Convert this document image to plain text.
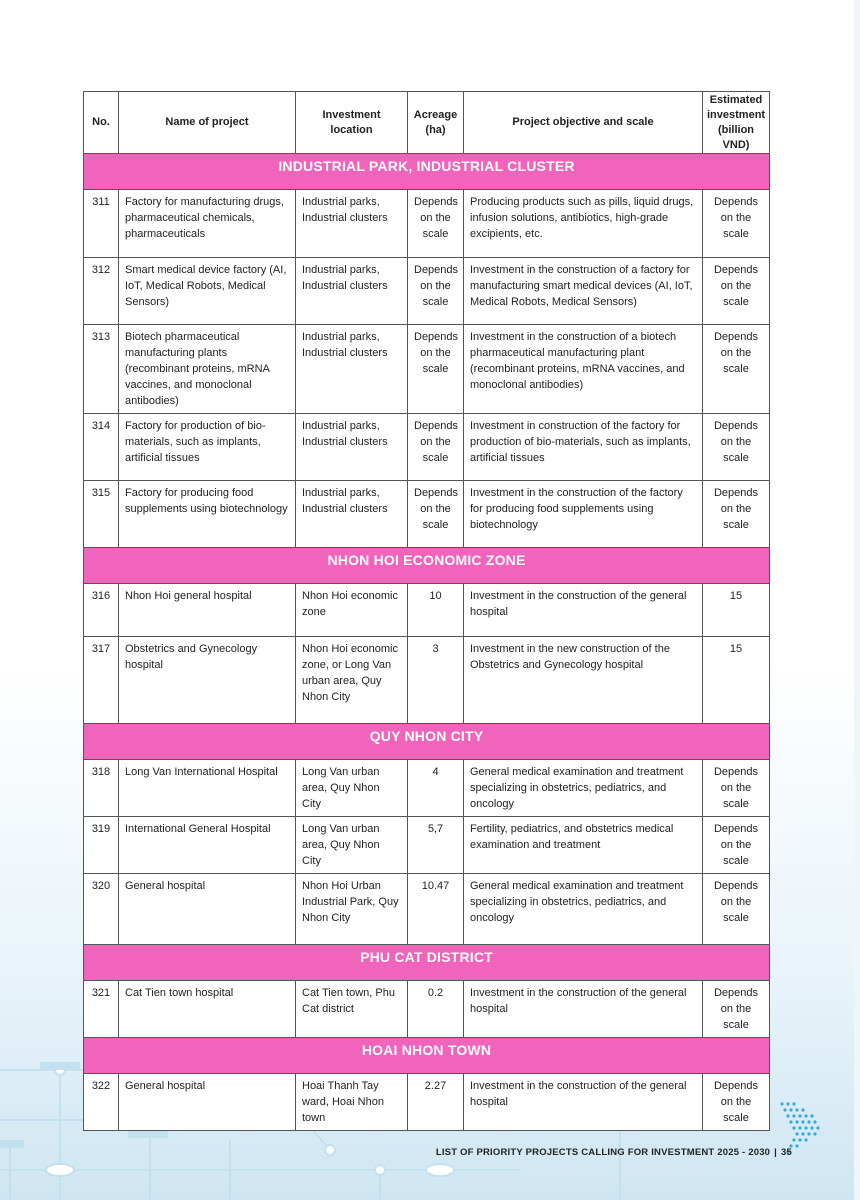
No.	Name of project	Investment location	Acreage (ha)	Project objective and scale	Estimated investment (billion VND)
INDUSTRIAL PARK, INDUSTRIAL CLUSTER					
311	Factory for manufacturing drugs, pharmaceutical chemicals, pharmaceuticals	Industrial parks, Industrial clusters	Depends on the scale	Producing products such as pills, liquid drugs, infusion solutions, antibiotics, high-grade excipients, etc.	Depends on the scale
312	Smart medical device factory (AI, IoT, Medical Robots, Medical Sensors)	Industrial parks, Industrial clusters	Depends on the scale	Investment in the construction of a factory for manufacturing smart medical devices (AI, IoT, Medical Robots, Medical Sensors)	Depends on the scale
313	Biotech pharmaceutical manufacturing plants (recombinant proteins, mRNA vaccines, and monoclonal antibodies)	Industrial parks, Industrial clusters	Depends on the scale	Investment in the construction of a biotech pharmaceutical manufacturing plant (recombinant proteins, mRNA vaccines, and monoclonal antibodies)	Depends on the scale
314	Factory for production of bio-materials, such as implants, artificial tissues	Industrial parks, Industrial clusters	Depends on the scale	Investment in construction of the factory for production of bio-materials, such as implants, artificial tissues	Depends on the scale
315	Factory for producing food supplements using biotechnology	Industrial parks, Industrial clusters	Depends on the scale	Investment in the construction of the factory for producing food supplements using biotechnology	Depends on the scale
NHON HOI ECONOMIC ZONE					
316	Nhon Hoi general hospital	Nhon Hoi economic zone	10	Investment in the construction of the general hospital	15
317	Obstetrics and Gynecology hospital	Nhon Hoi economic zone, or Long Van urban area, Quy Nhon City	3	Investment in the new construction of the Obstetrics and Gynecology hospital	15
QUY NHON CITY					
318	Long Van International Hospital	Long Van urban area, Quy Nhon City	4	General medical examination and treatment specializing in obstetrics, pediatrics, and oncology	Depends on the scale
319	International General Hospital	Long Van urban area, Quy Nhon City	5,7	Fertility, pediatrics, and obstetrics medical examination and treatment	Depends on the scale
320	General hospital	Nhon Hoi Urban Industrial Park, Quy Nhon City	10.47	General medical examination and treatment specializing in obstetrics, pediatrics, and oncology	Depends on the scale
PHU CAT DISTRICT					
321	Cat Tien town hospital	Cat Tien town, Phu Cat district	0.2	Investment in the construction of the general hospital	Depends on the scale
HOAI NHON TOWN					
322	General hospital	Hoai Thanh Tay ward, Hoai Nhon town	2.27	Investment in the construction of the general hospital	Depends on the scale
LIST OF PRIORITY PROJECTS CALLING FOR INVESTMENT 2025 - 2030 | 35
